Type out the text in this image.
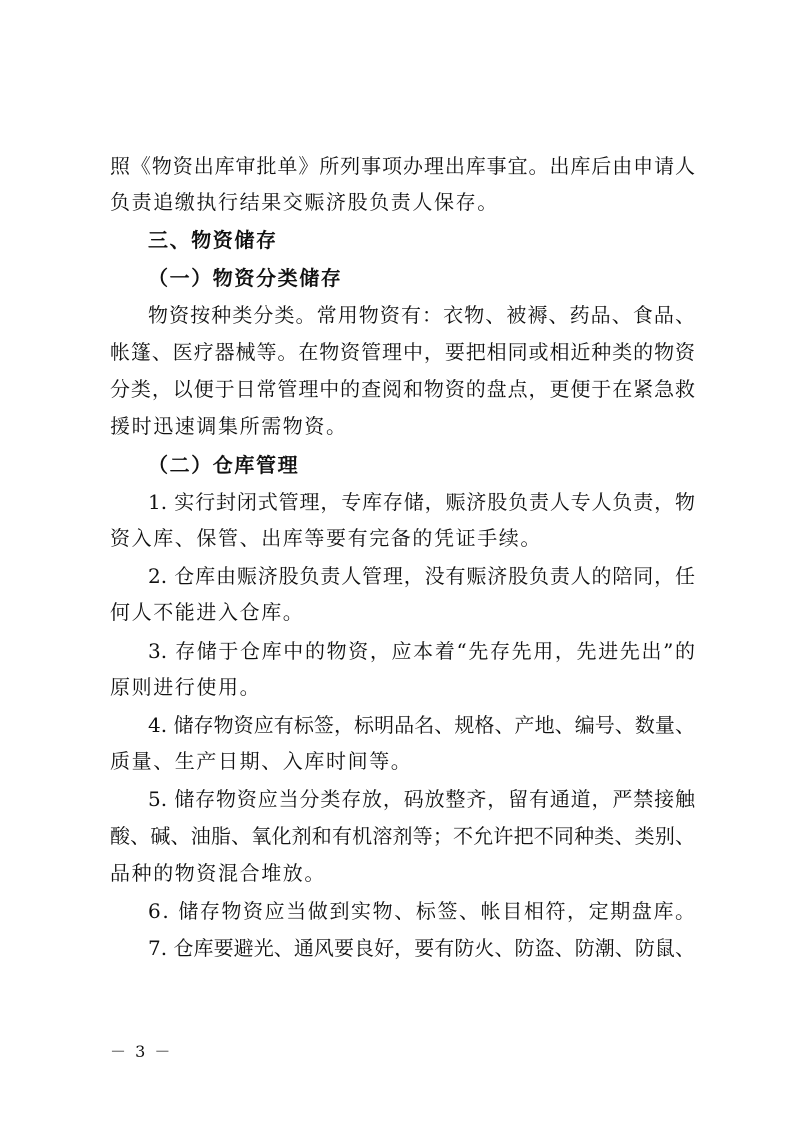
照《物资出库审批单》所列事项办理出库事宜。出库后由申请人

负责追缴执行结果交赈济股负责人保存。

三、物资储存

（一）物资分类储存

物资按种类分类。常用物资有：衣物、被褥、药品、食品、

帐篷、医疗器械等。在物资管理中，要把相同或相近种类的物资

分类，以便于日常管理中的查阅和物资的盘点，更便于在紧急救

援时迅速调集所需物资。

（二）仓库管理

1. 实行封闭式管理，专库存储，赈济股负责人专人负责，物

资入库、保管、出库等要有完备的凭证手续。

2. 仓库由赈济股负责人管理，没有赈济股负责人的陪同，任

何人不能进入仓库。

3. 存储于仓库中的物资，应本着“先存先用，先进先出”的

原则进行使用。

4. 储存物资应有标签，标明品名、规格、产地、编号、数量、

质量、生产日期、入库时间等。

5. 储存物资应当分类存放，码放整齐，留有通道，严禁接触

酸、碱、油脂、氧化剂和有机溶剂等；不允许把不同种类、类别、

品种的物资混合堆放。

6. 储存物资应当做到实物、标签、帐目相符，定期盘库。

7. 仓库要避光、通风要良好，要有防火、防盗、防潮、防鼠、

－ 3 －
